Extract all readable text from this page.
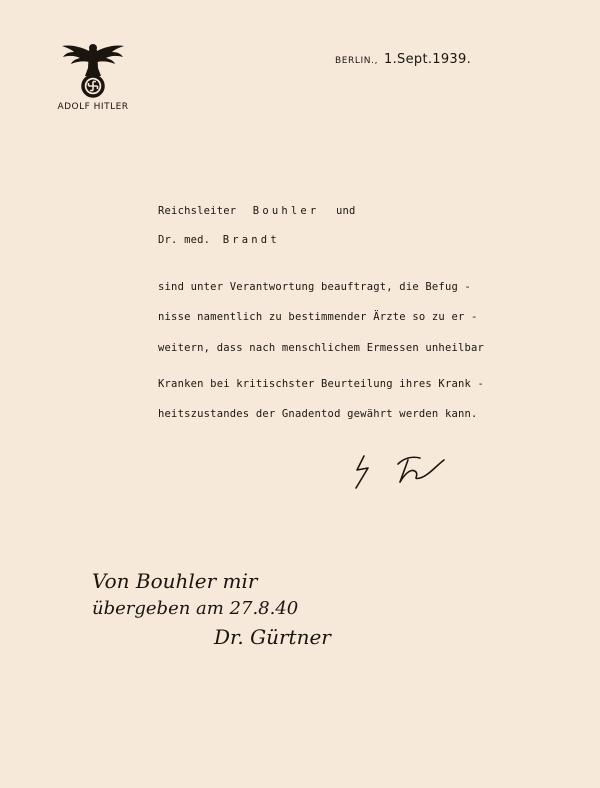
ADOLF HITLER
BERLIN., 1.Sept.1939.
Reichsleiter Bouhler und
Dr. med. Brandt
sind unter Verantwortung beauftragt, die Befug -
nisse namentlich zu bestimmender Ärzte so zu er -
weitern, dass nach menschlichem Ermessen unheilbar
Kranken bei kritischster Beurteilung ihres Krank -
heitszustandes der Gnadentod gewährt werden kann.
Von Bouhler mir
übergeben am 27.8.40
Dr. Gürtner
